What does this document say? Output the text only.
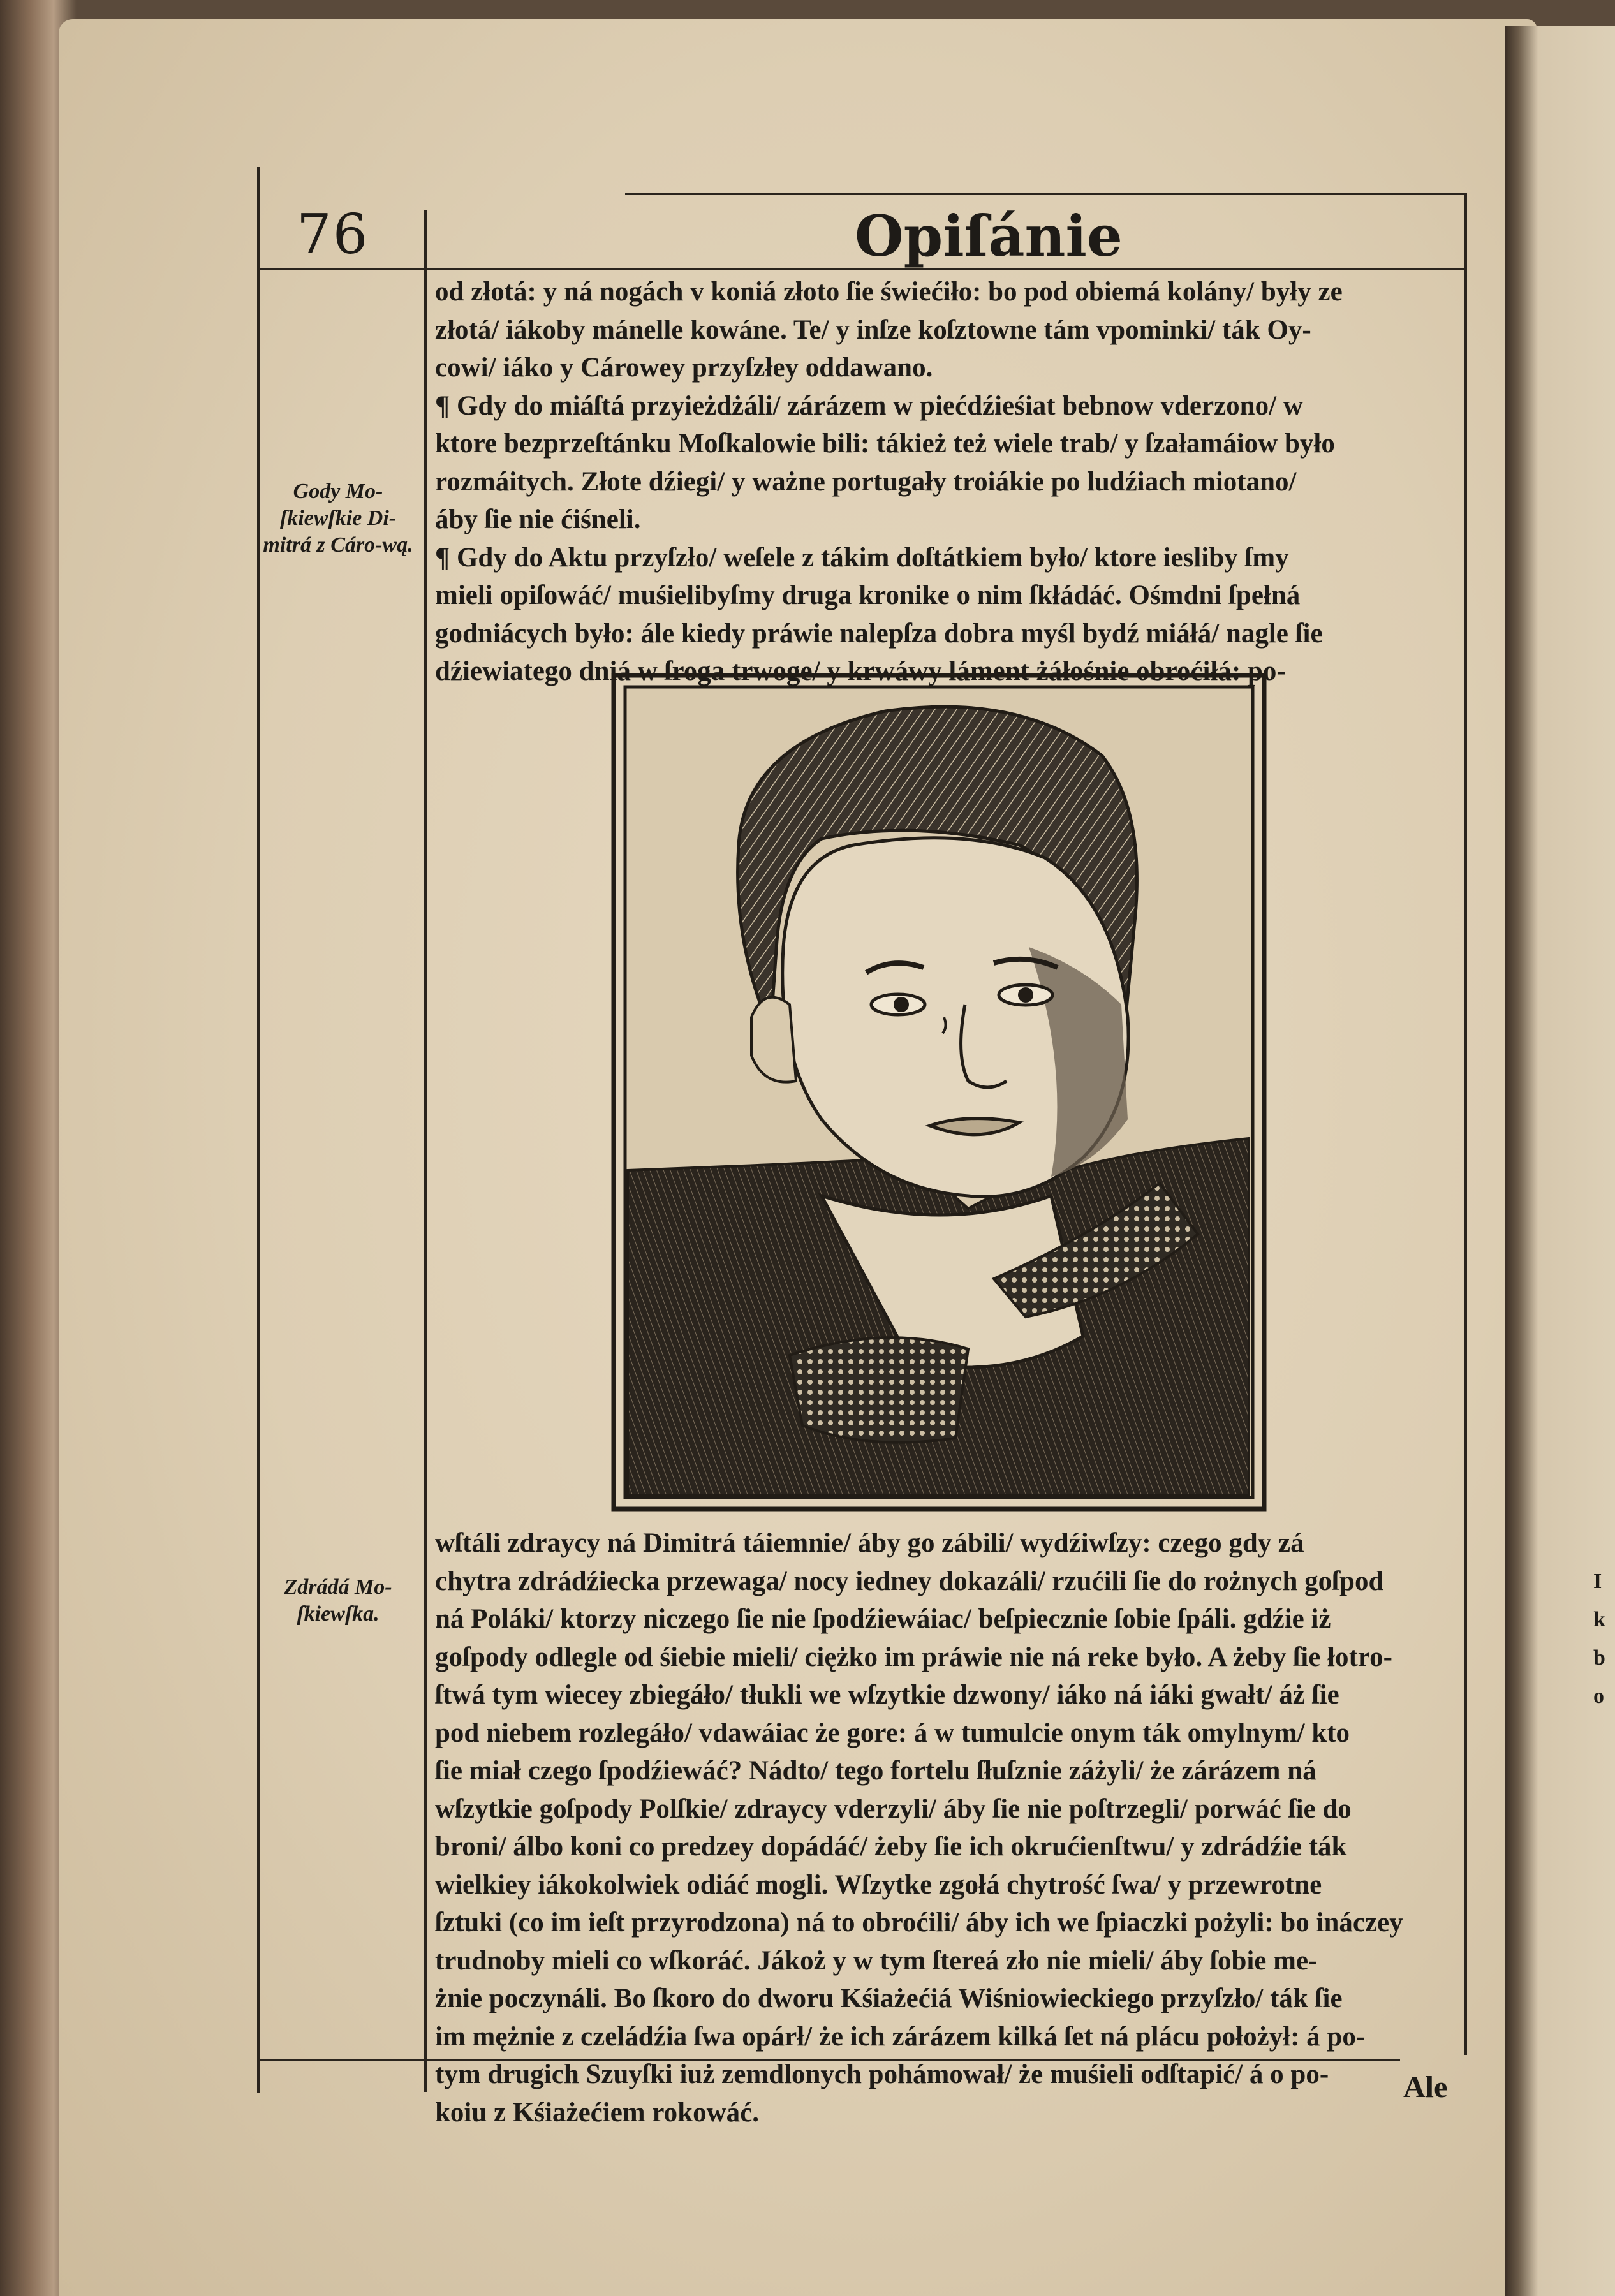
76	Opiſánie

od złotá: y ná nogách v koniá złoto ſie świećiło: bo pod obiemá kolány/ były ze

złotá/ iákoby mánelle kowáne. Te/ y inſze koſztowne tám vpominki/ ták Oy-

cowi/ iáko y Cárowey przyſzłey oddawano.

¶ Gdy do miáſtá przyieżdżáli/ zárázem w piećdźieśiat bebnow vderzono/ w

ktore bezprzeſtánku Moſkalowie bili: tákież też wiele trab/ y ſzałamáiow było

rozmáitych. Złote dźiegi/ y ważne portugały troiákie po ludźiach miotano/

áby ſie nie ćiśneli.

¶ Gdy do Aktu przyſzło/ weſele z tákim doſtátkiem było/ ktore iesliby ſmy

mieli opiſowáć/ muśielibyſmy druga kronike o nim ſkłádáć. Ośmdni ſpełná

godniácych było: ále kiedy práwie nalepſza dobra myśl bydź miáłá/ nagle ſie

dźiewiatego dniá w ſroga trwoge/ y krwáwy láment żáłośnie obroćiłá: po-

Gody Mo-ſkiewſkie Di-mitrá z Cáro-wą.
Zdrádá Mo-ſkiewſka.

wſtáli zdraycy ná Dimitrá táiemnie/ áby go zábili/ wydźiwſzy: czego gdy zá

chytra zdrádźiecka przewaga/ nocy iedney dokazáli/ rzućili ſie do rożnych goſpod

ná Poláki/ ktorzy niczego ſie nie ſpodźiewáiac/ beſpiecznie ſobie ſpáli. gdźie iż

goſpody odlegle od śiebie mieli/ ciężko im práwie nie ná reke było. A żeby ſie łotro-

ſtwá tym wiecey zbiegáło/ tłukli we wſzytkie dzwony/ iáko ná iáki gwałt/ áż ſie

pod niebem rozlegáło/ vdawáiac że gore: á w tumulcie onym ták omylnym/ kto

ſie miał czego ſpodźiewáć? Nádto/ tego fortelu ſłuſznie záżyli/ że zárázem ná

wſzytkie goſpody Polſkie/ zdraycy vderzyli/ áby ſie nie poſtrzegli/ porwáć ſie do

broni/ álbo koni co predzey dopádáć/ żeby ſie ich okrućienſtwu/ y zdrádźie ták

wielkiey iákokolwiek odiáć mogli. Wſzytke zgołá chytrość ſwa/ y przewrotne

ſztuki (co im ieſt przyrodzona) ná to obroćili/ áby ich we ſpiaczki pożyli: bo ináczey

trudnoby mieli co wſkoráć. Jákoż y w tym ſtereá zło nie mieli/ áby ſobie me-

żnie poczynáli. Bo ſkoro do dworu Kśiażećiá Wiśniowieckiego przyſzło/ ták ſie

im mężnie z czeládźia ſwa opárł/ że ich zárázem kilká ſet ná plácu położył: á po-

tym drugich Szuyſki iuż zemdlonych pohámował/ że muśieli odſtapić/ á o po-

koiu z Kśiażećiem rokowáć.

Ale
I
k
b
o
